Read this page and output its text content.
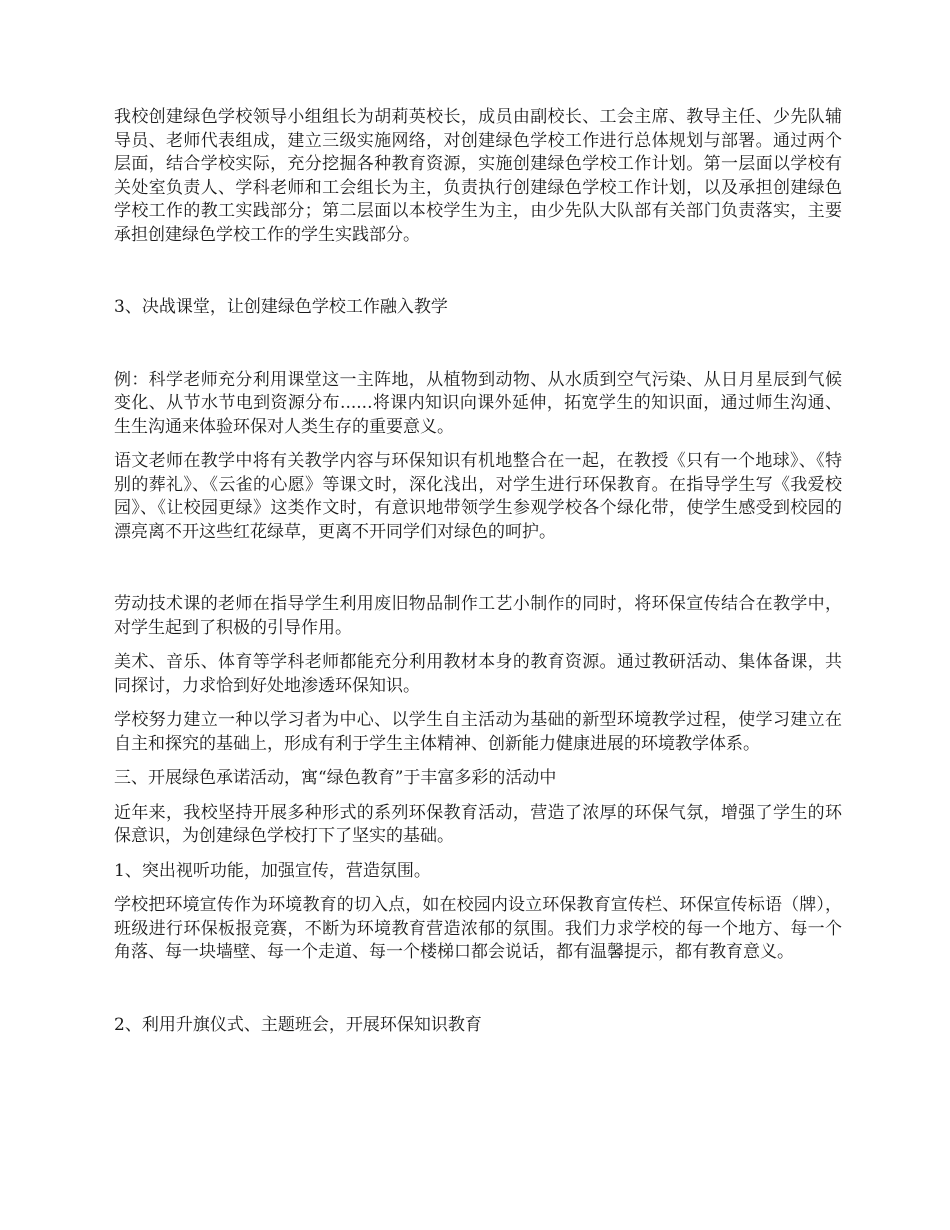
我校创建绿色学校领导小组组长为胡莉英校长，成员由副校长、工会主席、教导主任、少先队辅导员、老师代表组成，建立三级实施网络，对创建绿色学校工作进行总体规划与部署。通过两个层面，结合学校实际，充分挖掘各种教育资源，实施创建绿色学校工作计划。第一层面以学校有关处室负责人、学科老师和工会组长为主，负责执行创建绿色学校工作计划，以及承担创建绿色学校工作的教工实践部分；第二层面以本校学生为主，由少先队大队部有关部门负责落实，主要承担创建绿色学校工作的学生实践部分。

3、决战课堂，让创建绿色学校工作融入教学

例：科学老师充分利用课堂这一主阵地，从植物到动物、从水质到空气污染、从日月星辰到气候变化、从节水节电到资源分布......将课内知识向课外延伸，拓宽学生的知识面，通过师生沟通、生生沟通来体验环保对人类生存的重要意义。

语文老师在教学中将有关教学内容与环保知识有机地整合在一起，在教授《只有一个地球》、《特别的葬礼》、《云雀的心愿》等课文时，深化浅出，对学生进行环保教育。在指导学生写《我爱校园》、《让校园更绿》这类作文时，有意识地带领学生参观学校各个绿化带，使学生感受到校园的漂亮离不开这些红花绿草，更离不开同学们对绿色的呵护。

劳动技术课的老师在指导学生利用废旧物品制作工艺小制作的同时，将环保宣传结合在教学中，对学生起到了积极的引导作用。

美术、音乐、体育等学科老师都能充分利用教材本身的教育资源。通过教研活动、集体备课，共同探讨，力求恰到好处地渗透环保知识。

学校努力建立一种以学习者为中心、以学生自主活动为基础的新型环境教学过程，使学习建立在自主和探究的基础上，形成有利于学生主体精神、创新能力健康进展的环境教学体系。

三、开展绿色承诺活动，寓“绿色教育”于丰富多彩的活动中

近年来，我校坚持开展多种形式的系列环保教育活动，营造了浓厚的环保气氛，增强了学生的环保意识，为创建绿色学校打下了坚实的基础。

1、突出视听功能，加强宣传，营造氛围。

学校把环境宣传作为环境教育的切入点，如在校园内设立环保教育宣传栏、环保宣传标语（牌），班级进行环保板报竞赛，不断为环境教育营造浓郁的氛围。我们力求学校的每一个地方、每一个角落、每一块墙壁、每一个走道、每一个楼梯口都会说话，都有温馨提示，都有教育意义。

2、利用升旗仪式、主题班会，开展环保知识教育
